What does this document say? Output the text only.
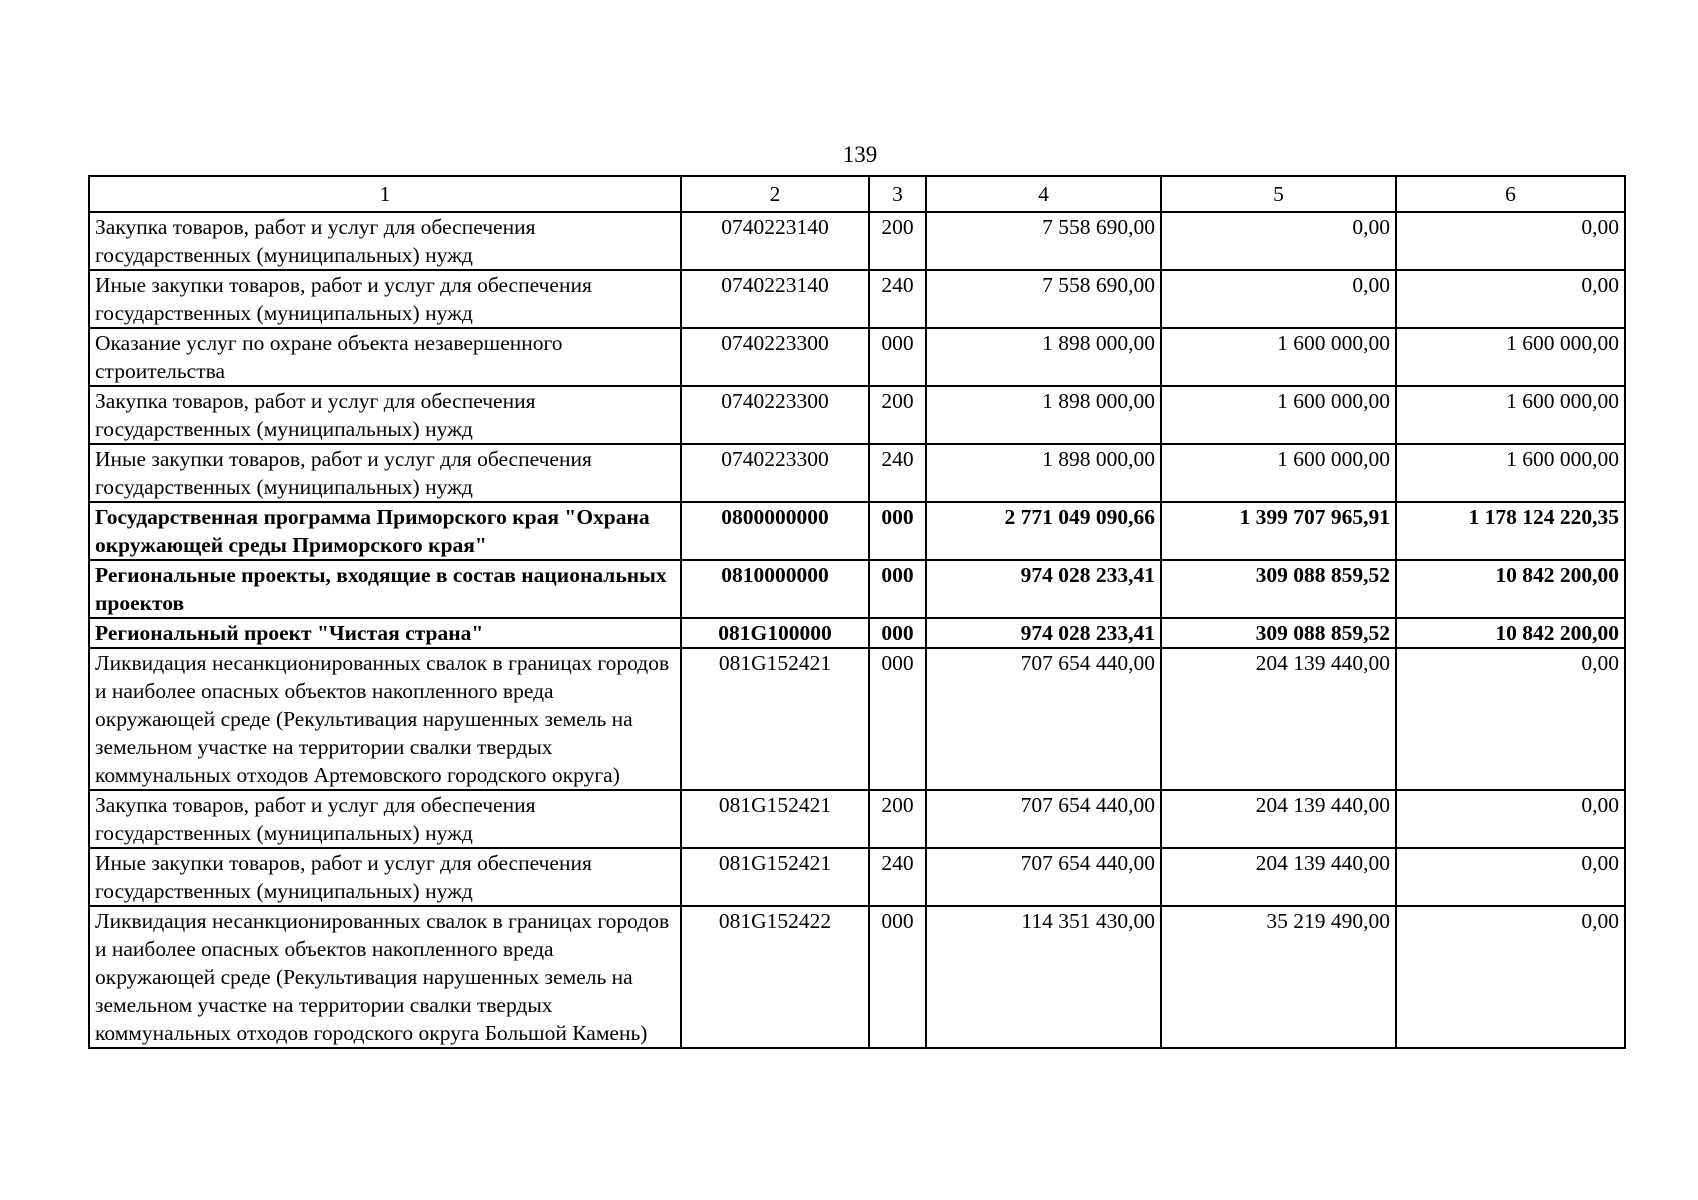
139
1	2	3	4	5	6
Закупка товаров, работ и услуг для обеспечения государственных (муниципальных) нужд	0740223140	200	7 558 690,00	0,00	0,00
Иные закупки товаров, работ и услуг для обеспечения государственных (муниципальных) нужд	0740223140	240	7 558 690,00	0,00	0,00
Оказание услуг по охране объекта незавершенного строительства	0740223300	000	1 898 000,00	1 600 000,00	1 600 000,00
Закупка товаров, работ и услуг для обеспечения государственных (муниципальных) нужд	0740223300	200	1 898 000,00	1 600 000,00	1 600 000,00
Иные закупки товаров, работ и услуг для обеспечения государственных (муниципальных) нужд	0740223300	240	1 898 000,00	1 600 000,00	1 600 000,00
Государственная программа Приморского края "Охрана окружающей среды Приморского края"	0800000000	000	2 771 049 090,66	1 399 707 965,91	1 178 124 220,35
Региональные проекты, входящие в состав национальных проектов	0810000000	000	974 028 233,41	309 088 859,52	10 842 200,00
Региональный проект "Чистая страна"	081G100000	000	974 028 233,41	309 088 859,52	10 842 200,00
Ликвидация несанкционированных свалок в границах городов и наиболее опасных объектов накопленного вреда окружающей среде (Рекультивация нарушенных земель на земельном участке на территории свалки твердых коммунальных отходов Артемовского городского округа)	081G152421	000	707 654 440,00	204 139 440,00	0,00
Закупка товаров, работ и услуг для обеспечения государственных (муниципальных) нужд	081G152421	200	707 654 440,00	204 139 440,00	0,00
Иные закупки товаров, работ и услуг для обеспечения государственных (муниципальных) нужд	081G152421	240	707 654 440,00	204 139 440,00	0,00
Ликвидация несанкционированных свалок в границах городов и наиболее опасных объектов накопленного вреда окружающей среде (Рекультивация нарушенных земель на земельном участке на территории свалки твердых коммунальных отходов городского округа Большой Камень)	081G152422	000	114 351 430,00	35 219 490,00	0,00
